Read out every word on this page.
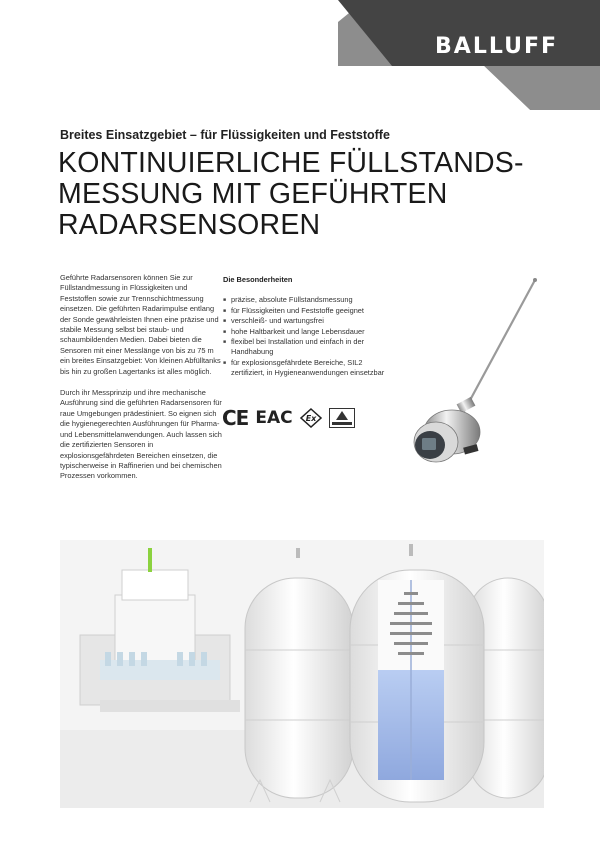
BALLUFF
Breites Einsatzgebiet – für Flüssigkeiten und Feststoffe
KONTINUIERLICHE FÜLLSTANDS-
MESSUNG MIT GEFÜHRTEN
RADARSENSOREN

Geführte Radarsensoren können Sie zur Füllstandmessung in Flüssigkeiten und Feststoffen sowie zur Trennschichtmessung einsetzen. Die geführten Radarimpulse entlang der Sonde gewährleisten Ihnen eine präzise und stabile Messung selbst bei staub- und schaumbildenden Medien. Dabei bieten die Sensoren mit einer Messlänge von bis zu 75 m ein breites Einsatzgebiet: Von kleinen Abfülltanks bis hin zu großen Lagertanks ist alles möglich.

Durch ihr Messprinzip und ihre mechanische Ausführung sind die geführten Radarsensoren für raue Umgebungen prädestiniert. So eignen sich die hygienegerechten Ausführungen für Pharma- und Lebensmittelanwendungen. Auch lassen sich die zertifizierten Sensoren in explosionsgefährdeten Bereichen einsetzen, die typischerweise in Raffinerien und bei chemischen Prozessen vorkommen.

Die Besonderheiten
■ präzise, absolute Füllstandsmessung
■ für Flüssigkeiten und Feststoffe geeignet
■ verschleiß- und wartungsfrei
■ hohe Haltbarkeit und lange Lebensdauer
■ flexibel bei Installation und einfach in der Handhabung
■ für explosionsgefährdete Bereiche, SIL2 zertifiziert, in Hygieneanwendungen einsetzbar
CE EAC Ex
